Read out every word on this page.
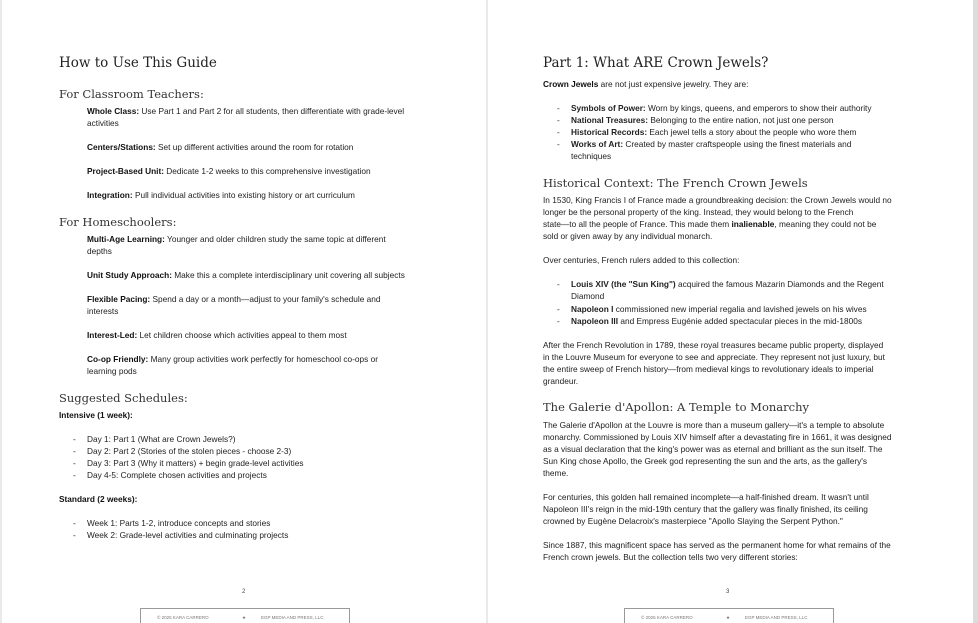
How to Use This Guide
For Classroom Teachers:
Whole Class: Use Part 1 and Part 2 for all students, then differentiate with grade-level
activities
Centers/Stations: Set up different activities around the room for rotation
Project-Based Unit: Dedicate 1-2 weeks to this comprehensive investigation
Integration: Pull individual activities into existing history or art curriculum
For Homeschoolers:
Multi-Age Learning: Younger and older children study the same topic at different
depths
Unit Study Approach: Make this a complete interdisciplinary unit covering all subjects
Flexible Pacing: Spend a day or a month—adjust to your family's schedule and
interests
Interest-Led: Let children choose which activities appeal to them most
Co-op Friendly: Many group activities work perfectly for homeschool co-ops or
learning pods
Suggested Schedules:
Intensive (1 week):
- Day 1: Part 1 (What are Crown Jewels?)
- Day 2: Part 2 (Stories of the stolen pieces - choose 2-3)
- Day 3: Part 3 (Why it matters) + begin grade-level activities
- Day 4-5: Complete chosen activities and projects
Standard (2 weeks):
- Week 1: Parts 1-2, introduce concepts and stories
- Week 2: Grade-level activities and culminating projects
2
© 2025 KARA CARRERO	★	EGP MEDIA AND PRESS, LLC
Part 1: What ARE Crown Jewels?
Crown Jewels are not just expensive jewelry. They are:
- Symbols of Power: Worn by kings, queens, and emperors to show their authority
- National Treasures: Belonging to the entire nation, not just one person
- Historical Records: Each jewel tells a story about the people who wore them
- Works of Art: Created by master craftspeople using the finest materials and
techniques
Historical Context: The French Crown Jewels
In 1530, King Francis I of France made a groundbreaking decision: the Crown Jewels would no
longer be the personal property of the king. Instead, they would belong to the French
state—to all the people of France. This made them inalienable, meaning they could not be
sold or given away by any individual monarch.
Over centuries, French rulers added to this collection:
- Louis XIV (the "Sun King") acquired the famous Mazarin Diamonds and the Regent
Diamond
- Napoleon I commissioned new imperial regalia and lavished jewels on his wives
- Napoleon III and Empress Eugénie added spectacular pieces in the mid-1800s
After the French Revolution in 1789, these royal treasures became public property, displayed
in the Louvre Museum for everyone to see and appreciate. They represent not just luxury, but
the entire sweep of French history—from medieval kings to revolutionary ideals to imperial
grandeur.
The Galerie d'Apollon: A Temple to Monarchy
The Galerie d'Apollon at the Louvre is more than a museum gallery—it's a temple to absolute
monarchy. Commissioned by Louis XIV himself after a devastating fire in 1661, it was designed
as a visual declaration that the king's power was as eternal and brilliant as the sun itself. The
Sun King chose Apollo, the Greek god representing the sun and the arts, as the gallery's
theme.
For centuries, this golden hall remained incomplete—a half-finished dream. It wasn't until
Napoleon III's reign in the mid-19th century that the gallery was finally finished, its ceiling
crowned by Eugène Delacroix's masterpiece "Apollo Slaying the Serpent Python."
Since 1887, this magnificent space has served as the permanent home for what remains of the
French crown jewels. But the collection tells two very different stories:
3
© 2025 KARA CARRERO	★	EGP MEDIA AND PRESS, LLC
